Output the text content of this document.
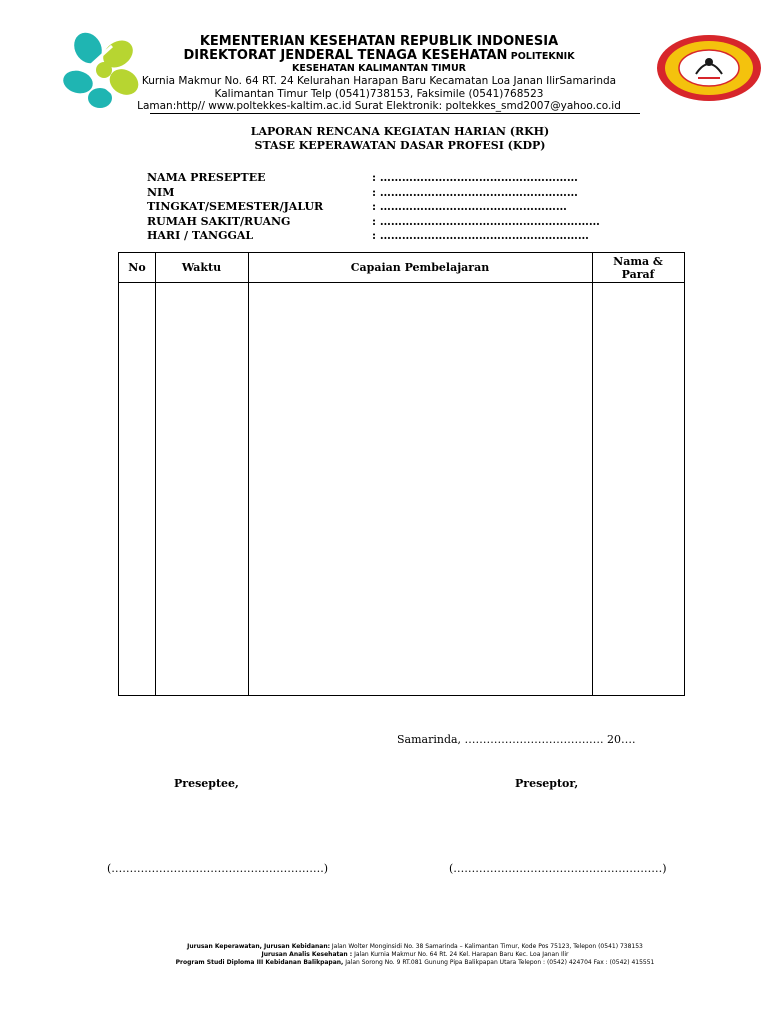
KEMENTERIAN KESEHATAN REPUBLIK INDONESIA
DIREKTORAT JENDERAL TENAGA KESEHATAN POLITEKNIK
KESEHATAN KALIMANTAN TIMUR
Kurnia Makmur No. 64 RT. 24 Kelurahan Harapan Baru Kecamatan Loa Janan IlirSamarinda
Kalimantan Timur Telp (0541)738153, Faksimile (0541)768523
Laman:http// www.poltekkes-kaltim.ac.id Surat Elektronik: poltekkes_smd2007@yahoo.co.id
LAPORAN RENCANA KEGIATAN HARIAN (RKH)
STASE KEPERAWATAN DASAR PROFESI (KDP)
NAMA PRESEPTEE	: ………………………………………………
NIM	: ………………………………………………
TINGKAT/SEMESTER/JALUR	: ……………………………………………
RUMAH SAKIT/RUANG	: ……………………………………………………
HARI / TANGGAL	: …………………………………………………
No	Waktu	Capaian Pembelajaran	Nama &
Paraf
Samarinda, …………………………….…. 20….
Preseptee,	Preseptor,
(………………………………………………….)	(…………………………………………………)
Jurusan Keperawatan, Jurusan Kebidanan: Jalan Wolter Monginsidi No. 38 Samarinda – Kalimantan Timur, Kode Pos 75123, Telepon (0541) 738153
Jurusan Analis Kesehatan : Jalan Kurnia Makmur No. 64 Rt. 24 Kel. Harapan Baru Kec. Loa Janan Ilir
Program Studi Diploma III Kebidanan Balikpapan, Jalan Sorong No. 9 RT.081 Gunung Pipa Balikpapan Utara Telepon : (0542) 424704 Fax : (0542) 415551
